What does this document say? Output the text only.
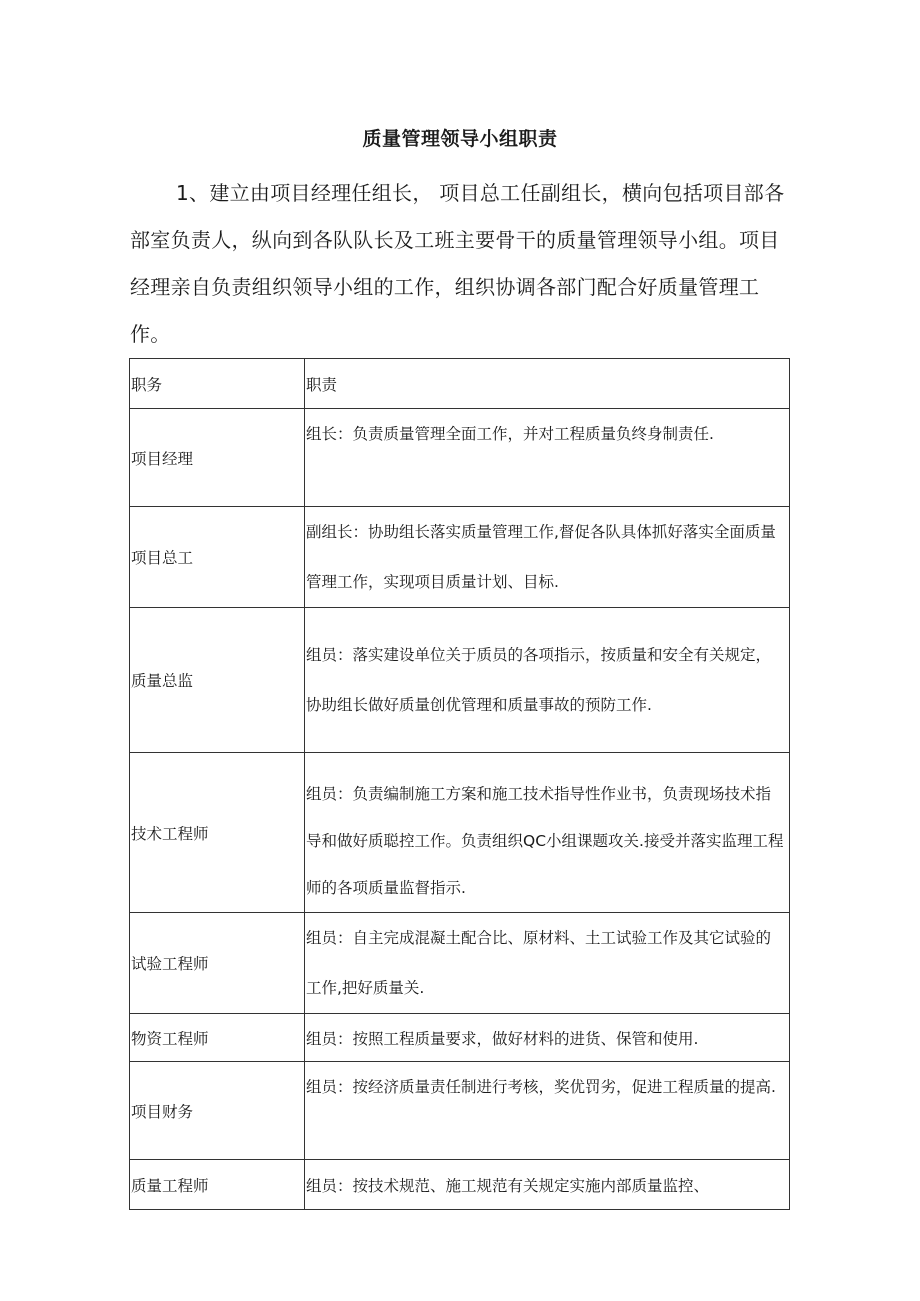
质量管理领导小组职责
1、建立由项目经理任组长， 项目总工任副组长，横向包括项目部各部室负责人，纵向到各队队长及工班主要骨干的质量管理领导小组。项目经理亲自负责组织领导小组的工作，组织协调各部门配合好质量管理工作。
职务	职责
项目经理	组长：负责质量管理全面工作，并对工程质量负终身制责任.

项目总工	副组长：协助组长落实质量管理工作,督促各队具体抓好落实全面质量管理工作，实现项目质量计划、目标.

质量总监	组员：落实建设单位关于质员的各项指示，按质量和安全有关规定，协助组长做好质量创优管理和质量事故的预防工作.

技术工程师	组员：负责编制施工方案和施工技术指导性作业书，负责现场技术指导和做好质聪控工作。负责组织QC小组课题攻关.接受并落实监理工程师的各项质量监督指示.

试验工程师	组员：自主完成混凝土配合比、原材料、土工试验工作及其它试验的工作,把好质量关.

物资工程师	组员：按照工程质量要求，做好材料的进货、保管和使用.

项目财务	组员：按经济质量责任制进行考核，奖优罚劣，促进工程质量的提高.

质量工程师	组员：按技术规范、施工规范有关规定实施内部质量监控、
